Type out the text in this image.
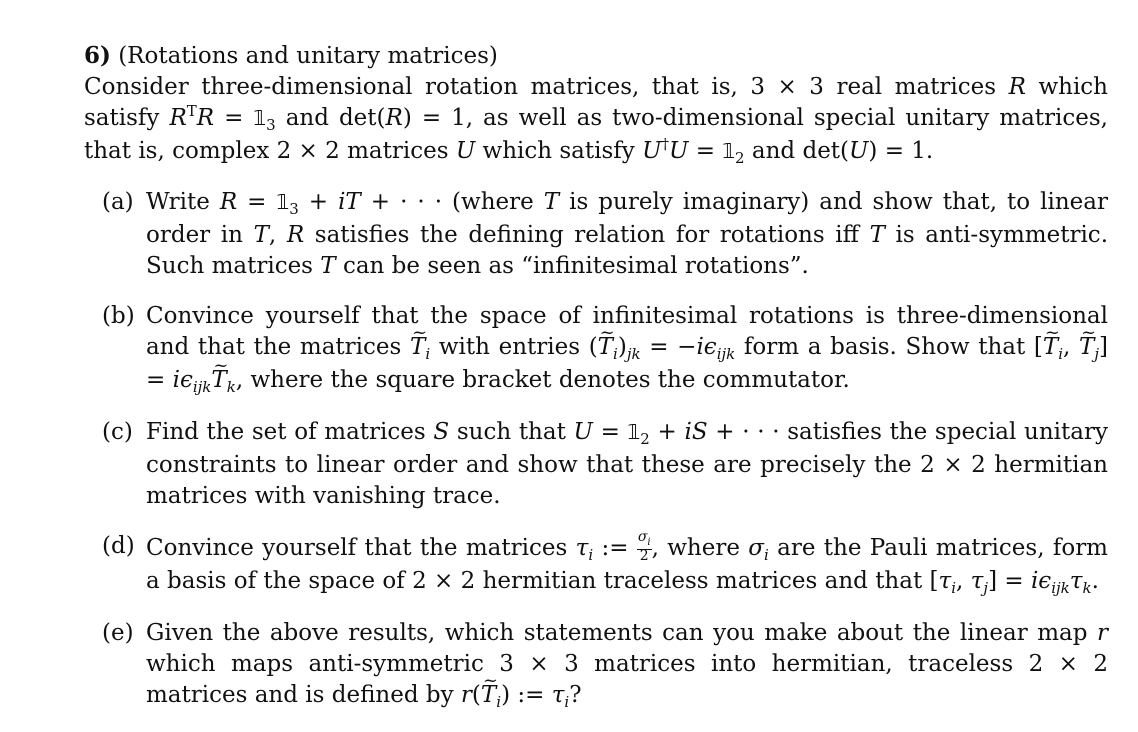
6) (Rotations and unitary matrices)

Consider three-dimensional rotation matrices, that is, 3 × 3 real matrices R which satisfy $R^TR$ = $𝟙_3$ and det(R) = 1, as well as two-dimensional special unitary matrices, that is, complex 2 × 2 matrices U which satisfy $U^\dagger U = 𝟙_2$ and det(U) = 1.

(a) Write $R = 𝟙_3$ + iT + · · · (where T is purely imaginary) and show that, to linear order in T, R satisfies the defining relation for rotations iff T is anti-symmetric. Such matrices T can be seen as “infinitesimal rotations”.
(b) Convince yourself that the space of infinitesimal rotations is three-dimensional and that the matrices ~ $T_i$ with entries (~ $T_i)_{jk} = -i\epsilon_{ijk}$ form a basis. Show that [~ $T_i$, ~ $T_j$] = $i\epsilon_{ijk}\sim$ $T_k$, where the square bracket denotes the commutator.
(c) Find the set of matrices S such that $U = 𝟙_2$ + iS + · · · satisfies the special unitary constraints to linear order and show that these are precisely the 2 × 2 hermitian matrices with vanishing trace.
(d) Convince yourself that the matrices $\tau_i$ := $\frac{\sigma_i}{2}$ , where $\sigma_i$ are the Pauli matrices, form a basis of the space of 2 × 2 hermitian traceless matrices and that [$\tau_i$, $\tau_j] = i\epsilon_{ijk}\tau_k$.
(e) Given the above results, which statements can you make about the linear map r which maps anti-symmetric 3 × 3 matrices into hermitian, traceless 2 × 2 matrices and is defined by r(~ $T_i$) := $\tau_i$?
